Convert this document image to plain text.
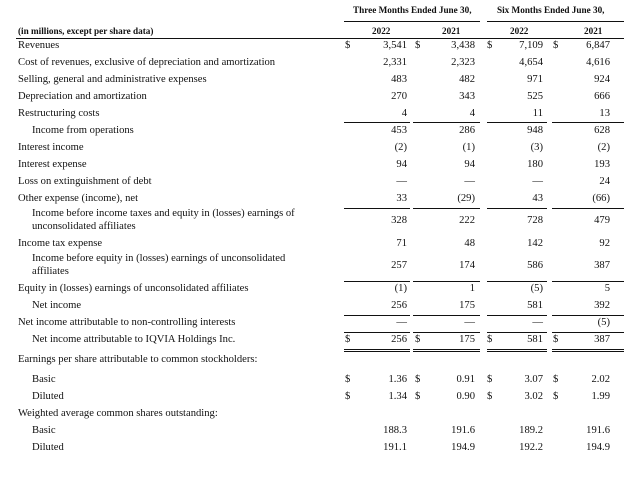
Three Months Ended June 30,	Six Months Ended June 30,
(in millions, except per share data)	2022	2021	2022	2021
Revenues	3,541	3,438	7,109	6,847
$	$	$	$
Cost of revenues, exclusive of depreciation and amortization	2,331	2,323	4,654	4,616
Selling, general and administrative expenses	483	482	971	924
Depreciation and amortization	270	343	525	666
Restructuring costs	4	4	11	13
Income from operations	453	286	948	628
Interest income	(2)	(1)	(3)	(2)
Interest expense	94	94	180	193
Loss on extinguishment of debt	—	—	—	24
Other expense (income), net	33	(29)	43	(66)
Income before income taxes and equity in (losses) earnings of
unconsolidated affiliates
328	222	728	479
Income tax expense	71	48	142	92
Income before equity in (losses) earnings of unconsolidated
affiliates
257	174	586	387
Equity in (losses) earnings of unconsolidated affiliates	(1)	1	(5)	5
Net income	256	175	581	392
Net income attributable to non-controlling interests	—	—	—	(5)
Net income attributable to IQVIA Holdings Inc.	256	175	581	387
$	$	$	$
Earnings per share attributable to common stockholders:
Basic	1.36	0.91	3.07	2.02
$	$	$	$
Diluted	1.34	0.90	3.02	1.99
$	$	$	$
Weighted average common shares outstanding:
Basic	188.3	191.6	189.2	191.6
Diluted	191.1	194.9	192.2	194.9
